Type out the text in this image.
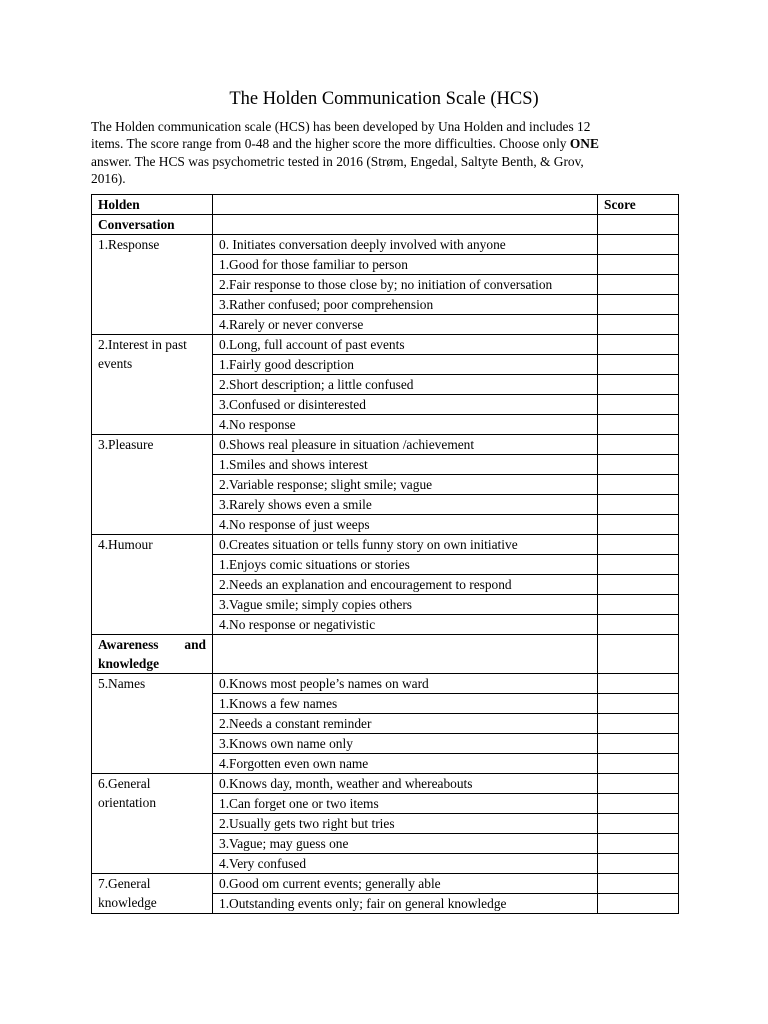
The Holden Communication Scale (HCS)
The Holden communication scale (HCS) has been developed by Una Holden and includes 12
items. The score range from 0-48 and the higher score the more difficulties. Choose only ONE
answer. The HCS was psychometric tested in 2016 (Strøm, Engedal, Saltyte Benth, & Grov,
2016).
Holden		Score
Conversation		
1.Response	0. Initiates conversation deeply involved with anyone	
	1.Good for those familiar to person	
	2.Fair response to those close by; no initiation of conversation	
	3.Rather confused; poor comprehension	
	4.Rarely or never converse	
2.Interest in past events	0.Long, full account of past events	
	1.Fairly good description	
	2.Short description; a little confused	
	3.Confused or disinterested	
	4.No response	
3.Pleasure	0.Shows real pleasure in situation /achievement	
	1.Smiles and shows interest	
	2.Variable response; slight smile; vague	
	3.Rarely shows even a smile	
	4.No response of just weeps	
4.Humour	0.Creates situation or tells funny story on own initiative	
	1.Enjoys comic situations or stories	
	2.Needs an explanation and encouragement to respond	
	3.Vague smile; simply copies others	
	4.No response or negativistic	

Awareness and
knowledge		

5.Names	0.Knows most people’s names on ward	
	1.Knows a few names	
	2.Needs a constant reminder	
	3.Knows own name only	
	4.Forgotten even own name	
6.General orientation	0.Knows day, month, weather and whereabouts	
	1.Can forget one or two items	
	2.Usually gets two right but tries	
	3.Vague; may guess one	
	4.Very confused	
7.General knowledge	0.Good om current events; generally able	
	1.Outstanding events only; fair on general knowledge	
